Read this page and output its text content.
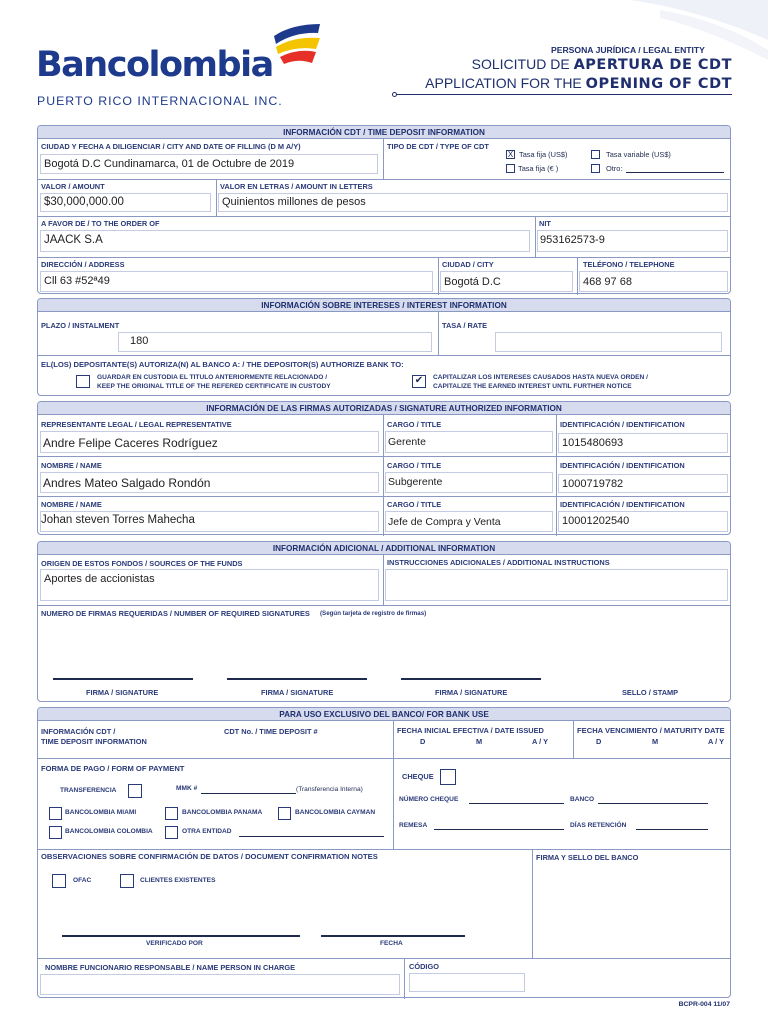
Bancolombia
PUERTO RICO INTERNACIONAL INC.
PERSONA JURÍDICA / LEGAL ENTITY
SOLICITUD DE APERTURA DE CDT
APPLICATION FOR THE OPENING OF CDT
INFORMACIÓN CDT / TIME DEPOSIT INFORMATION
CIUDAD Y FECHA A DILIGENCIAR / CITY AND DATE OF FILLING (D M A/Y)
Bogotá D.C Cundinamarca, 01 de Octubre de 2019
TIPO DE CDT / TYPE OF CDT
X Tasa fija (US$)	Tasa variable (US$)
Tasa fija (€ )	Otro:
VALOR / AMOUNT
$30,000,000.00
VALOR EN LETRAS / AMOUNT IN LETTERS
Quinientos millones de pesos
A FAVOR DE / TO THE ORDER OF
JAACK S.A
NIT
953162573-9
DIRECCIÓN / ADDRESS
Cll 63 #52ª49
CIUDAD / CITY
Bogotá D.C
TELÉFONO / TELEPHONE
468 97 68
INFORMACIÓN SOBRE INTERESES / INTEREST INFORMATION
PLAZO / INSTALMENT
180
TASA / RATE
EL(LOS) DEPOSITANTE(S) AUTORIZA(N) AL BANCO A: / THE DEPOSITOR(S) AUTHORIZE BANK TO:
GUARDAR EN CUSTODIA EL TITULO ANTERIORMENTE RELACIONADO /
KEEP THE ORIGINAL TITLE OF THE REFERED CERTIFICATE IN CUSTODY
✔	CAPITALIZAR LOS INTERESES CAUSADOS HASTA NUEVA ORDEN /
CAPITALIZE THE EARNED INTEREST UNTIL FURTHER NOTICE
INFORMACIÓN DE LAS FIRMAS AUTORIZADAS / SIGNATURE AUTHORIZED INFORMATION
REPRESENTANTE LEGAL / LEGAL REPRESENTATIVE
Andre Felipe Caceres Rodríguez
CARGO / TITLE
Gerente
IDENTIFICACIÓN / IDENTIFICATION
1015480693
NOMBRE / NAME
Andres Mateo Salgado Rondón
CARGO / TITLE
Subgerente
IDENTIFICACIÓN / IDENTIFICATION
1000719782
NOMBRE / NAME
Johan steven Torres Mahecha
CARGO / TITLE
Jefe de Compra y Venta
IDENTIFICACIÓN / IDENTIFICATION
10001202540
INFORMACIÓN ADICIONAL / ADDITIONAL INFORMATION
ORIGEN DE ESTOS FONDOS / SOURCES OF THE FUNDS
Aportes de accionistas
INSTRUCCIONES ADICIONALES / ADDITIONAL INSTRUCTIONS
NUMERO DE FIRMAS REQUERIDAS / NUMBER OF REQUIRED SIGNATURES (Según tarjeta de registro de firmas)
FIRMA / SIGNATURE	FIRMA / SIGNATURE	FIRMA / SIGNATURE	SELLO / STAMP
PARA USO EXCLUSIVO DEL BANCO/ FOR BANK USE
INFORMACIÓN CDT /
TIME DEPOSIT INFORMATION
CDT No. / TIME DEPOSIT #	FECHA INICIAL EFECTIVA / DATE ISSUED
D	M	A / Y
FECHA VENCIMIENTO / MATURITY DATE
D	M	A / Y
FORMA DE PAGO / FORM OF PAYMENT
TRANSFERENCIA	MMK #	(Transferencia Interna)
BANCOLOMBIA MIAMI	BANCOLOMBIA PANAMA	BANCOLOMBIA CAYMAN
BANCOLOMBIA COLOMBIA	OTRA ENTIDAD
CHEQUE
NÚMERO CHEQUE	BANCO
REMESA	DÍAS RETENCIÓN
OBSERVACIONES SOBRE CONFIRMACIÓN DE DATOS / DOCUMENT CONFIRMATION NOTES
OFAC	CLIENTES EXISTENTES
VERIFICADO POR	FECHA
FIRMA Y SELLO DEL BANCO
NOMBRE FUNCIONARIO RESPONSABLE / NAME PERSON IN CHARGE	CÓDIGO
BCPR-004 11/07
